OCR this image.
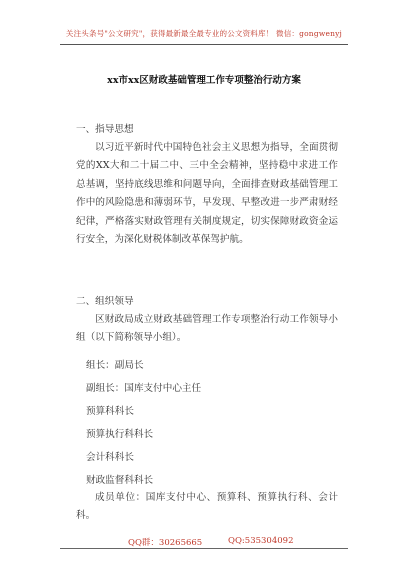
关注头条号"公文研究"，获得最新最全最专业的公文资料库！ 微信：gongwenyj
xx市xx区财政基础管理工作专项整治行动方案
一、指导思想

以习近平新时代中国特色社会主义思想为指导，全面贯彻党的XX大和二十届二中、三中全会精神，坚持稳中求进工作总基调，坚持底线思维和问题导向，全面排查财政基础管理工作中的风险隐患和薄弱环节，早发现、早整改进一步严肃财经纪律，严格落实财政管理有关制度规定，切实保障财政资金运行安全，为深化财税体制改革保驾护航。

二、组织领导

区财政局成立财政基础管理工作专项整治行动工作领导小组（以下简称领导小组）。

组长：副局长
副组长：国库支付中心主任
预算科科长
预算执行科科长
会计科科长
财政监督科科长

成员单位：国库支付中心、预算科、预算执行科、会计科。

QQ群：30265665	QQ:535304092
